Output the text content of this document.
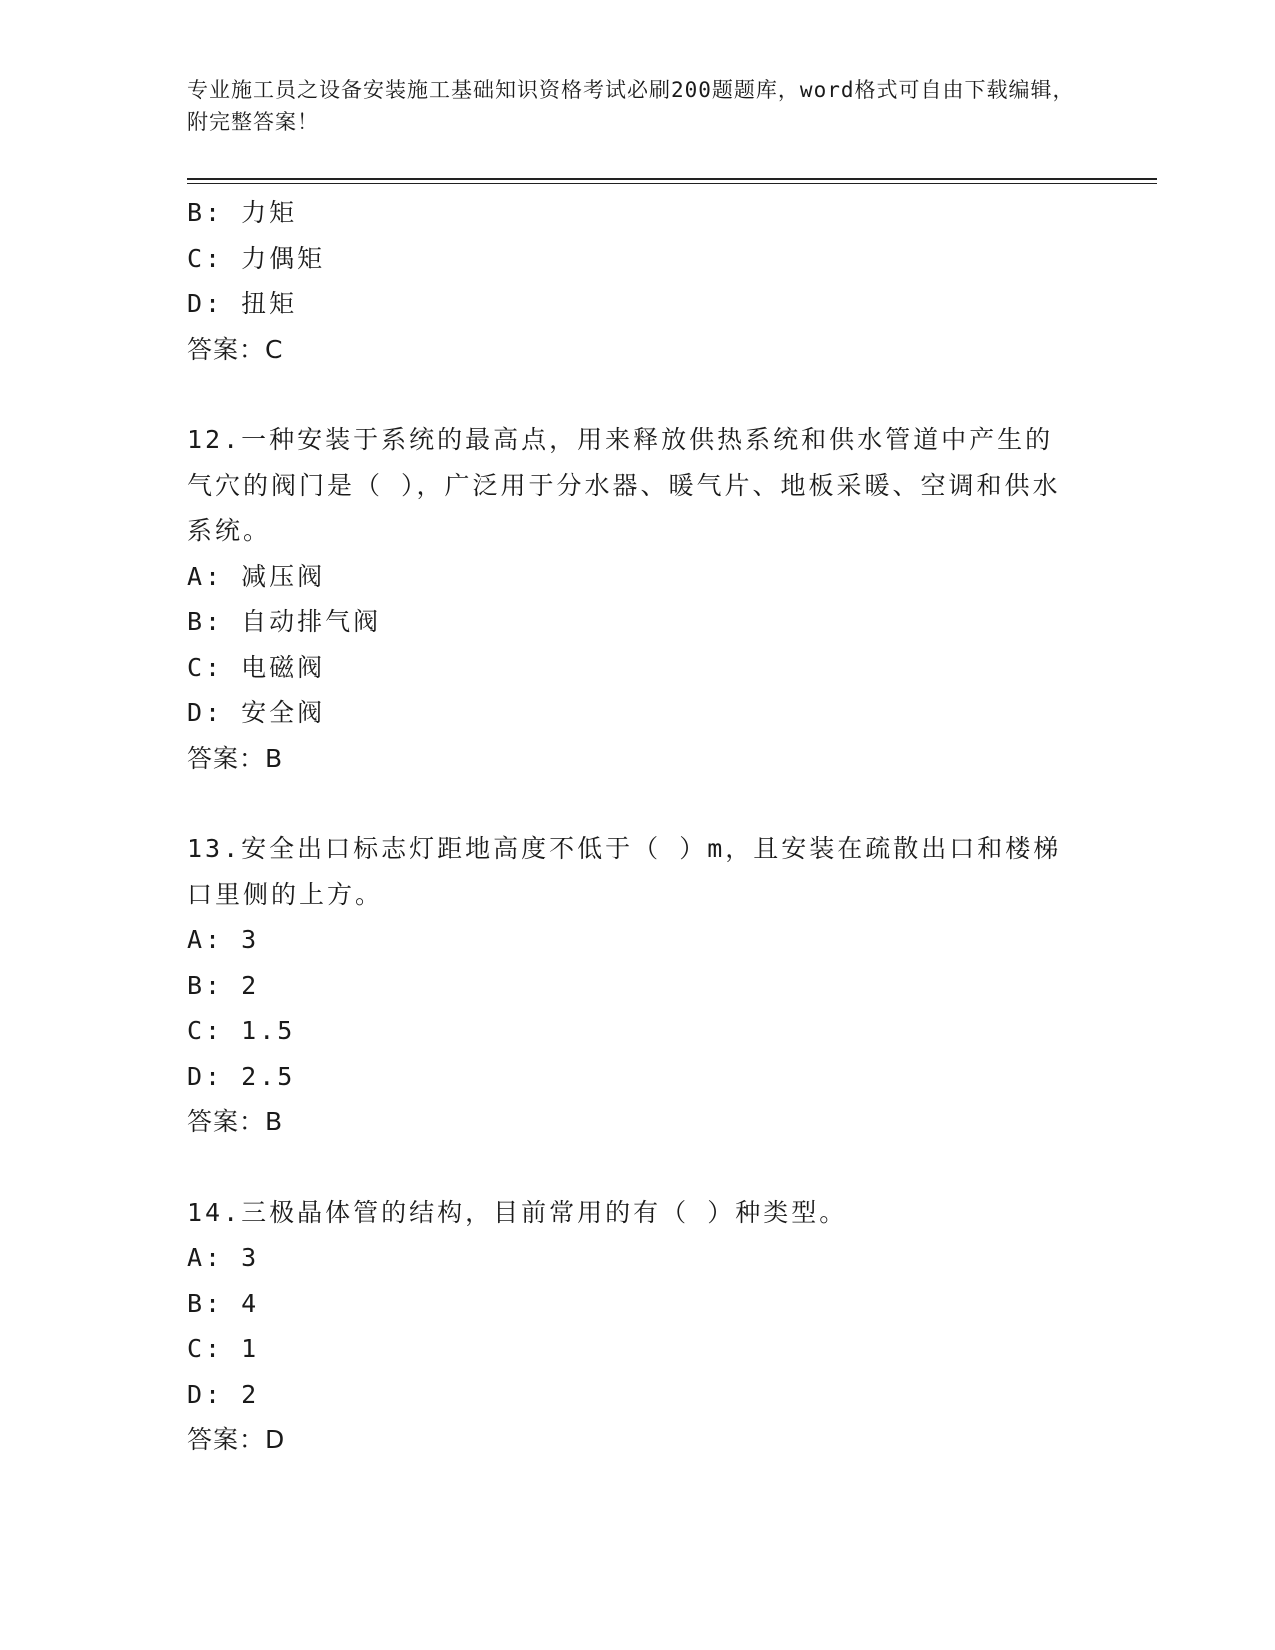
专业施工员之设备安装施工基础知识资格考试必刷200题题库，word格式可自由下载编辑，附完整答案！
B: 力矩
C: 力偶矩
D: 扭矩
答案：C
12.一种安装于系统的最高点，用来释放供热系统和供水管道中产生的气穴的阀门是（ ），广泛用于分水器、暖气片、地板采暖、空调和供水系统。
A: 减压阀
B: 自动排气阀
C: 电磁阀
D: 安全阀
答案：B
13.安全出口标志灯距地高度不低于（ ）m，且安装在疏散出口和楼梯口里侧的上方。
A: 3
B: 2
C: 1.5
D: 2.5
答案：B
14.三极晶体管的结构，目前常用的有（ ）种类型。
A: 3
B: 4
C: 1
D: 2
答案：D
